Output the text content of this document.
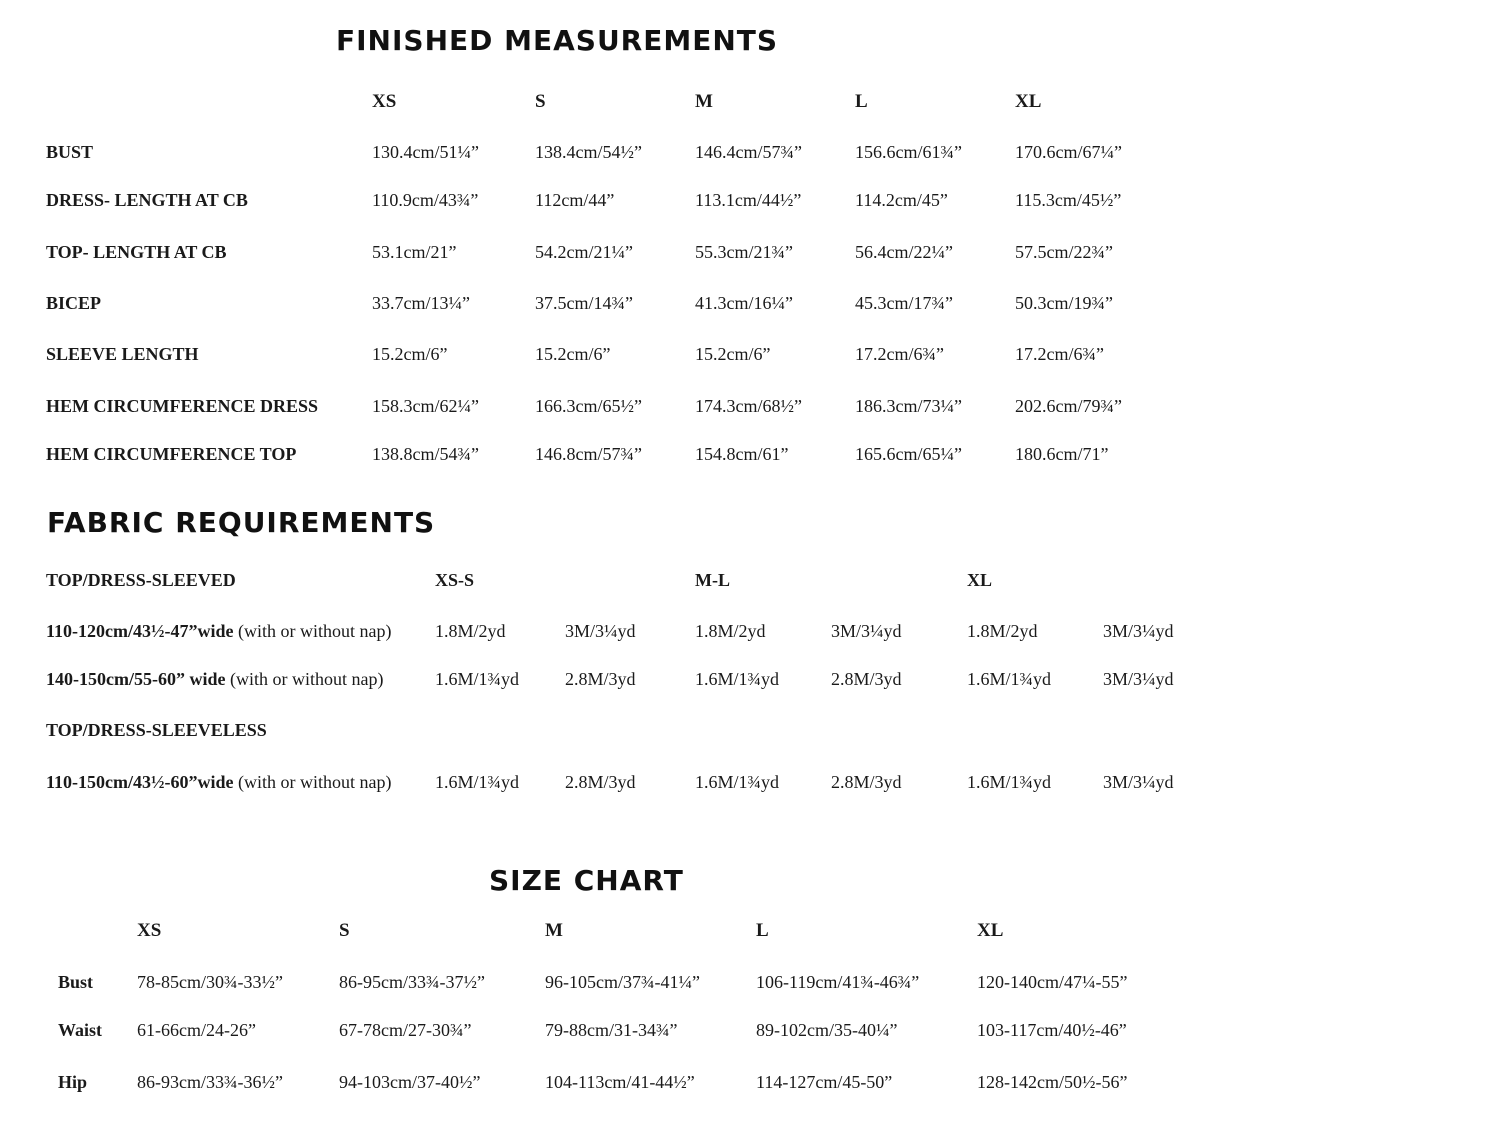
FINISHED MEASUREMENTS
XS	S	M	L	XL
BUST	130.4cm/51¼”	138.4cm/54½”	146.4cm/57¾”	156.6cm/61¾”	170.6cm/67¼”
DRESS- LENGTH AT CB	110.9cm/43¾”	112cm/44”	113.1cm/44½”	114.2cm/45”	115.3cm/45½”
TOP- LENGTH AT CB	53.1cm/21”	54.2cm/21¼”	55.3cm/21¾”	56.4cm/22¼”	57.5cm/22¾”
BICEP	33.7cm/13¼”	37.5cm/14¾”	41.3cm/16¼”	45.3cm/17¾”	50.3cm/19¾”
SLEEVE LENGTH	15.2cm/6”	15.2cm/6”	15.2cm/6”	17.2cm/6¾”	17.2cm/6¾”
HEM CIRCUMFERENCE DRESS	158.3cm/62¼”	166.3cm/65½”	174.3cm/68½”	186.3cm/73¼”	202.6cm/79¾”
HEM CIRCUMFERENCE TOP	138.8cm/54¾”	146.8cm/57¾”	154.8cm/61”	165.6cm/65¼”	180.6cm/71”
FABRIC REQUIREMENTS
TOP/DRESS-SLEEVED	XS-S	M-L	XL
110-120cm/43½-47”wide (with or without nap) 1.8M/2yd	3M/3¼yd	1.8M/2yd	3M/3¼yd	1.8M/2yd	3M/3¼yd
140-150cm/55-60” wide (with or without nap)	1.6M/1¾yd	2.8M/3yd	1.6M/1¾yd	2.8M/3yd	1.6M/1¾yd	3M/3¼yd
TOP/DRESS-SLEEVELESS
110-150cm/43½-60”wide (with or without nap) 1.6M/1¾yd	2.8M/3yd	1.6M/1¾yd	2.8M/3yd	1.6M/1¾yd	3M/3¼yd
SIZE CHART
XS	S	M	L	XL
Bust 78-85cm/30¾-33½”	86-95cm/33¾-37½”	96-105cm/37¾-41¼”	106-119cm/41¾-46¾”	120-140cm/47¼-55”
Waist 61-66cm/24-26”	67-78cm/27-30¾”	79-88cm/31-34¾”	89-102cm/35-40¼”	103-117cm/40½-46”
Hip	86-93cm/33¾-36½”	94-103cm/37-40½”	104-113cm/41-44½”	114-127cm/45-50”	128-142cm/50½-56”
